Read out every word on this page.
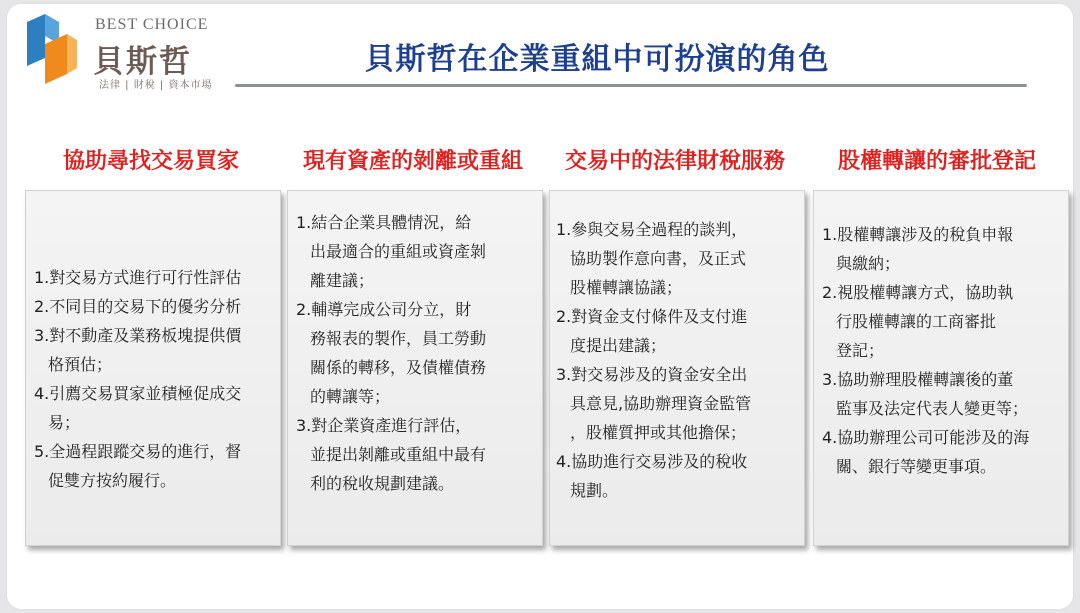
BEST CHOICE
貝斯哲
法律 | 財稅 | 資本市場
貝斯哲在企業重組中可扮演的角色
協助尋找交易買家	現有資產的剝離或重組	交易中的法律財稅服務	股權轉讓的審批登記
1.對交易方式進行可行性評估
2.不同目的交易下的優劣分析
3.對不動產及業務板塊提供價
格預估；
4.引薦交易買家並積極促成交
易；
5.全過程跟蹤交易的進行，督
促雙方按約履行。
1.結合企業具體情況，給
出最適合的重組或資產剝
離建議；
2.輔導完成公司分立，財
務報表的製作，員工勞動
關係的轉移，及債權債務
的轉讓等；
3.對企業資產進行評估，
並提出剝離或重組中最有
利的稅收規劃建議。
1.參與交易全過程的談判，
協助製作意向書，及正式
股權轉讓協議；
2.對資金支付條件及支付進
度提出建議；
3.對交易涉及的資金安全出
具意見,協助辦理資金監管
，股權質押或其他擔保；
4.協助進行交易涉及的稅收
規劃。
1.股權轉讓涉及的稅負申報
與繳納；
2.視股權轉讓方式，協助執
行股權轉讓的工商審批
登記；
3.協助辦理股權轉讓後的董
監事及法定代表人變更等；
4.協助辦理公司可能涉及的海
關、銀行等變更事項。
